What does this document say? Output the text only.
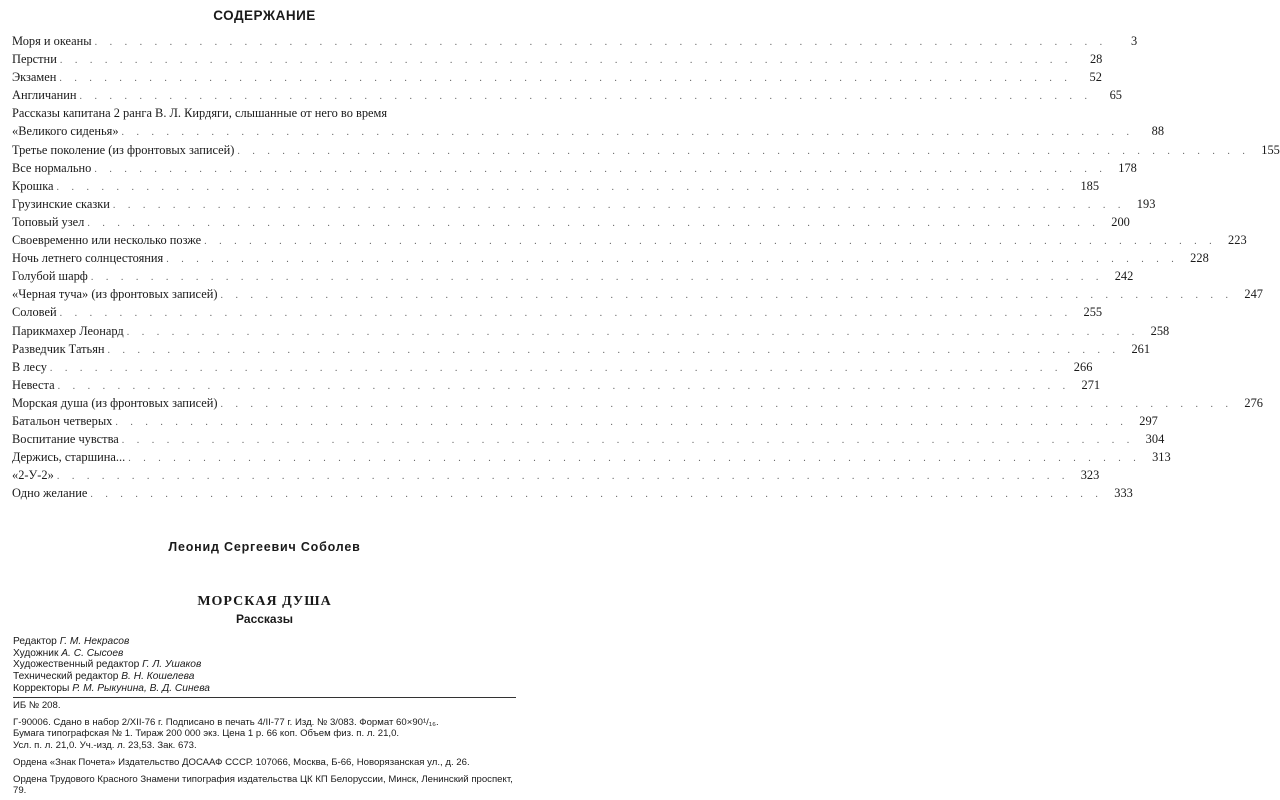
СОДЕРЖАНИЕ
Моря и океаны . . . . . . . . . . . . . . . . . . . . . . . . . . . . . . . . . . . . . . . . . . . . . . . . . . . . . . . . . . . . . . . . . . . .	3
Перстни . . . . . . . . . . . . . . . . . . . . . . . . . . . . . . . . . . . . . . . . . . . . . . . . . . . . . . . . . . . . . . . . . . . .	28
Экзамен . . . . . . . . . . . . . . . . . . . . . . . . . . . . . . . . . . . . . . . . . . . . . . . . . . . . . . . . . . . . . . . . . . . .	52
Англичанин . . . . . . . . . . . . . . . . . . . . . . . . . . . . . . . . . . . . . . . . . . . . . . . . . . . . . . . . . . . . . . . . . . . .	65
Рассказы капитана 2 ранга В. Л. Кирдяги, слышанные от него во время
«Великого сиденья» . . . . . . . . . . . . . . . . . . . . . . . . . . . . . . . . . . . . . . . . . . . . . . . . . . . . . . . . . . . . . . . . . . . .	88
Третье поколение (из фронтовых записей) . . . . . . . . . . . . . . . . . . . . . . . . . . . . . . . . . . . . . . . . . . . . . . . . . . . . . . . . . . . . . . . . . . . . 155
Все нормально . . . . . . . . . . . . . . . . . . . . . . . . . . . . . . . . . . . . . . . . . . . . . . . . . . . . . . . . . . . . . . . . . . . . 178
Крошка . . . . . . . . . . . . . . . . . . . . . . . . . . . . . . . . . . . . . . . . . . . . . . . . . . . . . . . . . . . . . . . . . . . . 185
Грузинские сказки . . . . . . . . . . . . . . . . . . . . . . . . . . . . . . . . . . . . . . . . . . . . . . . . . . . . . . . . . . . . . . . . . . . . 193
Топовый узел . . . . . . . . . . . . . . . . . . . . . . . . . . . . . . . . . . . . . . . . . . . . . . . . . . . . . . . . . . . . . . . . . . . . 200
Своевременно или несколько позже . . . . . . . . . . . . . . . . . . . . . . . . . . . . . . . . . . . . . . . . . . . . . . . . . . . . . . . . . . . . . . . . . . . . 223
Ночь летнего солнцестояния . . . . . . . . . . . . . . . . . . . . . . . . . . . . . . . . . . . . . . . . . . . . . . . . . . . . . . . . . . . . . . . . . . . . 228
Голубой шарф . . . . . . . . . . . . . . . . . . . . . . . . . . . . . . . . . . . . . . . . . . . . . . . . . . . . . . . . . . . . . . . . . . . . 242
«Черная туча» (из фронтовых записей) . . . . . . . . . . . . . . . . . . . . . . . . . . . . . . . . . . . . . . . . . . . . . . . . . . . . . . . . . . . . . . . . . . . . 247
Соловей . . . . . . . . . . . . . . . . . . . . . . . . . . . . . . . . . . . . . . . . . . . . . . . . . . . . . . . . . . . . . . . . . . . . 255
Парикмахер Леонард . . . . . . . . . . . . . . . . . . . . . . . . . . . . . . . . . . . . . . . . . . . . . . . . . . . . . . . . . . . . . . . . . . . . 258
Разведчик Татьян . . . . . . . . . . . . . . . . . . . . . . . . . . . . . . . . . . . . . . . . . . . . . . . . . . . . . . . . . . . . . . . . . . . . 261
В лесу . . . . . . . . . . . . . . . . . . . . . . . . . . . . . . . . . . . . . . . . . . . . . . . . . . . . . . . . . . . . . . . . . . . . 266
Невеста . . . . . . . . . . . . . . . . . . . . . . . . . . . . . . . . . . . . . . . . . . . . . . . . . . . . . . . . . . . . . . . . . . . . 271
Морская душа (из фронтовых записей) . . . . . . . . . . . . . . . . . . . . . . . . . . . . . . . . . . . . . . . . . . . . . . . . . . . . . . . . . . . . . . . . . . . . 276
Батальон четверых . . . . . . . . . . . . . . . . . . . . . . . . . . . . . . . . . . . . . . . . . . . . . . . . . . . . . . . . . . . . . . . . . . . . 297
Воспитание чувства . . . . . . . . . . . . . . . . . . . . . . . . . . . . . . . . . . . . . . . . . . . . . . . . . . . . . . . . . . . . . . . . . . . . 304
Держись, старшина... . . . . . . . . . . . . . . . . . . . . . . . . . . . . . . . . . . . . . . . . . . . . . . . . . . . . . . . . . . . . . . . . . . . . 313
«2-У-2» . . . . . . . . . . . . . . . . . . . . . . . . . . . . . . . . . . . . . . . . . . . . . . . . . . . . . . . . . . . . . . . . . . . . 323
Одно желание . . . . . . . . . . . . . . . . . . . . . . . . . . . . . . . . . . . . . . . . . . . . . . . . . . . . . . . . . . . . . . . . . . . . 333
Леонид Сергеевич Соболев
МОРСКАЯ ДУША
Рассказы
Редактор Г. М. Некрасов
Художник А. С. Сысоев
Художественный редактор Г. Л. Ушаков
Технический редактор В. Н. Кошелева
Корректоры Р. М. Рыкунина, В. Д. Синева

ИБ № 208.

Г-90006. Сдано в набор 2/XII-76 г. Подписано в печать 4/II-77 г. Изд. № 3/083. Формат 60×90¹/₁₆.

Бумага типографская № 1. Тираж 200 000 экз. Цена 1 р. 66 коп. Объем физ. п. л. 21,0.

Усл. п. л. 21,0. Уч.-изд. л. 23,53. Зак. 673.

Ордена «Знак Почета» Издательство ДОСААФ СССР. 107066, Москва, Б-66, Новорязанская ул., д. 26.

Ордена Трудового Красного Знамени типография издательства ЦК КП Белоруссии, Минск, Ленинский проспект, 79.
